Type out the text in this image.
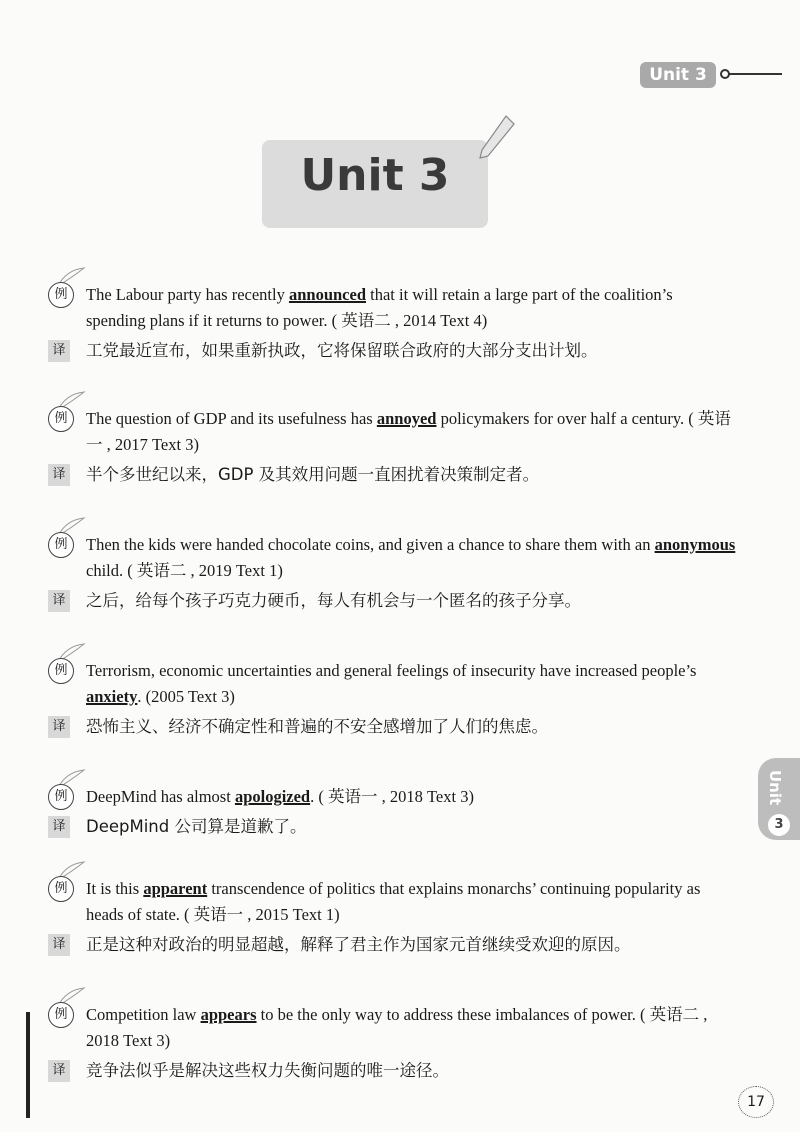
Unit 3
Unit 3
例	The Labour party has recently announced that it will retain a large part of the coalition’s spending plans if it returns to power. ( 英语二 , 2014 Text 4)
译 工党最近宣布，如果重新执政，它将保留联合政府的大部分支出计划。
例	The question of GDP and its usefulness has annoyed policymakers for over half a century. ( 英语一 , 2017 Text 3)
译 半个多世纪以来，GDP 及其效用问题一直困扰着决策制定者。
例	Then the kids were handed chocolate coins, and given a chance to share them with an anonymous child. ( 英语二 , 2019 Text 1)
译 之后，给每个孩子巧克力硬币，每人有机会与一个匿名的孩子分享。
例	Terrorism, economic uncertainties and general feelings of insecurity have increased people’s anxiety. (2005 Text 3)
译 恐怖主义、经济不确定性和普遍的不安全感增加了人们的焦虑。
例	DeepMind has almost apologized. ( 英语一 , 2018 Text 3)
译 DeepMind 公司算是道歉了。
例	It is this apparent transcendence of politics that explains monarchs’ continuing popularity as heads of state. ( 英语一 , 2015 Text 1)
译 正是这种对政治的明显超越，解释了君主作为国家元首继续受欢迎的原因。
例	Competition law appears to be the only way to address these imbalances of power. ( 英语二 , 2018 Text 3)
译 竞争法似乎是解决这些权力失衡问题的唯一途径。
Unit
3
17
